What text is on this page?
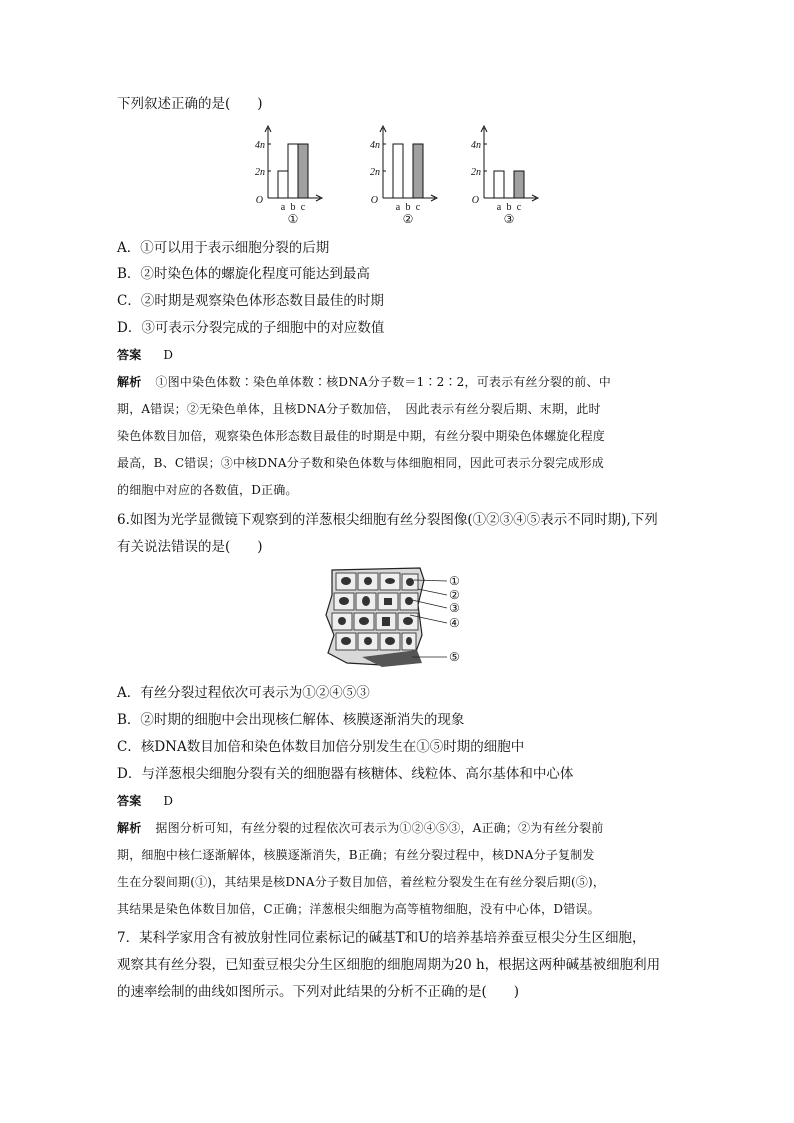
下列叙述正确的是(　　)
4n
2n
O
a b c
①
4n
2n
O
a b c
②
4n
2n
O
a b c
③
A．①可以用于表示细胞分裂的后期
B．②时染色体的螺旋化程度可能达到最高
C．②时期是观察染色体形态数目最佳的时期
D．③可表示分裂完成的子细胞中的对应数值
答案 D
解析 ①图中染色体数∶染色单体数∶核DNA分子数＝1∶2∶2，可表示有丝分裂的前、中
期，A错误；②无染色单体，且核DNA分子数加倍，　因此表示有丝分裂后期、末期，此时
染色体数目加倍，观察染色体形态数目最佳的时期是中期，有丝分裂中期染色体螺旋化程度
最高，B、C错误；③中核DNA分子数和染色体数与体细胞相同，因此可表示分裂完成形成
的细胞中对应的各数值，D正确。
6.如图为光学显微镜下观察到的洋葱根尖细胞有丝分裂图像(①②③④⑤表示不同时期),下列
有关说法错误的是(　　)
①
②
③
④
⑤
A．有丝分裂过程依次可表示为①②④⑤③
B．②时期的细胞中会出现核仁解体、核膜逐渐消失的现象
C．核DNA数目加倍和染色体数目加倍分别发生在①⑤时期的细胞中
D．与洋葱根尖细胞分裂有关的细胞器有核糖体、线粒体、高尔基体和中心体
答案 D
解析 据图分析可知，有丝分裂的过程依次可表示为①②④⑤③，A正确；②为有丝分裂前
期，细胞中核仁逐渐解体，核膜逐渐消失，B正确；有丝分裂过程中，核DNA分子复制发
生在分裂间期(①)，其结果是核DNA分子数目加倍，着丝粒分裂发生在有丝分裂后期(⑤)，
其结果是染色体数目加倍，C正确；洋葱根尖细胞为高等植物细胞，没有中心体，D错误。
7．某科学家用含有被放射性同位素标记的碱基T和U的培养基培养蚕豆根尖分生区细胞，
观察其有丝分裂，已知蚕豆根尖分生区细胞的细胞周期为20 h，根据这两种碱基被细胞利用
的速率绘制的曲线如图所示。下列对此结果的分析不正确的是(　　)
